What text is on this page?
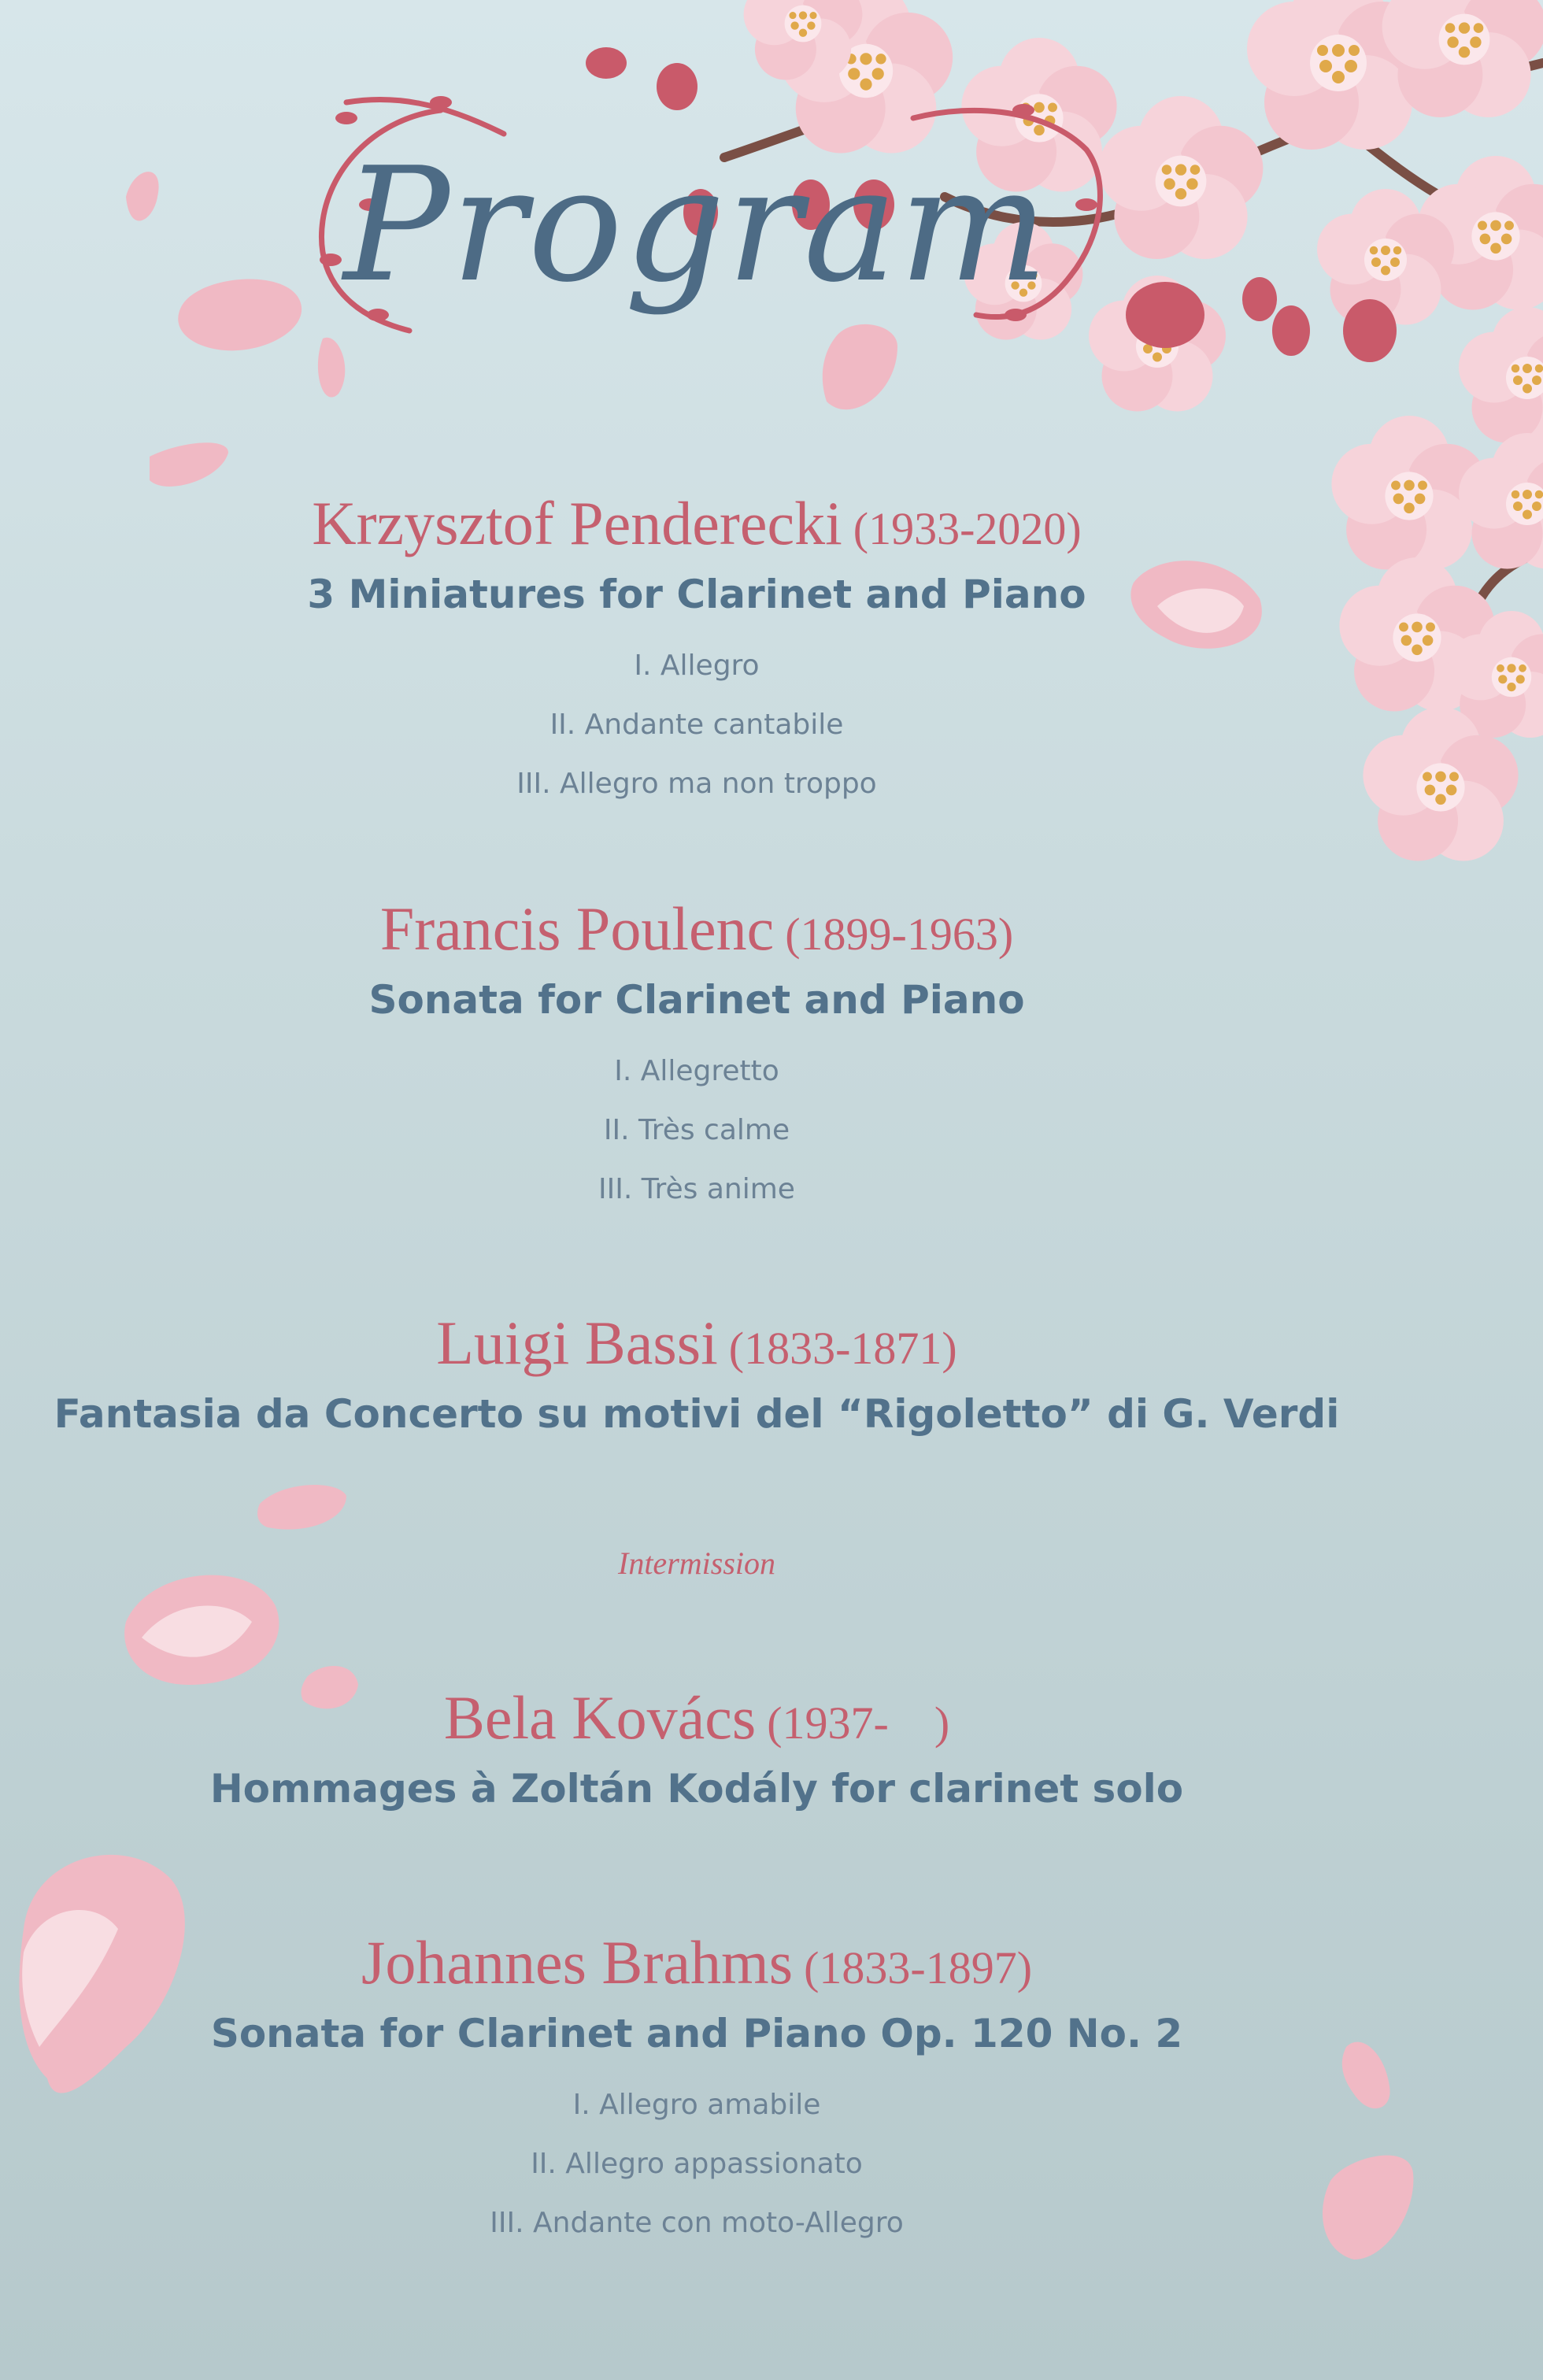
Program
Krzysztof Penderecki (1933-2020)
3 Miniatures for Clarinet and Piano
I. Allegro
II. Andante cantabile
III. Allegro ma non troppo
Francis Poulenc (1899-1963)
Sonata for Clarinet and Piano
I. Allegretto
II. Très calme
III. Très anime
Luigi Bassi (1833-1871)
Fantasia da Concerto su motivi del “Rigoletto” di G. Verdi
Intermission
Bela Kovács (1937-    )
Hommages à Zoltán Kodály for clarinet solo
Johannes Brahms (1833-1897)
Sonata for Clarinet and Piano Op. 120 No. 2
I. Allegro amabile
II. Allegro appassionato
III. Andante con moto-Allegro
